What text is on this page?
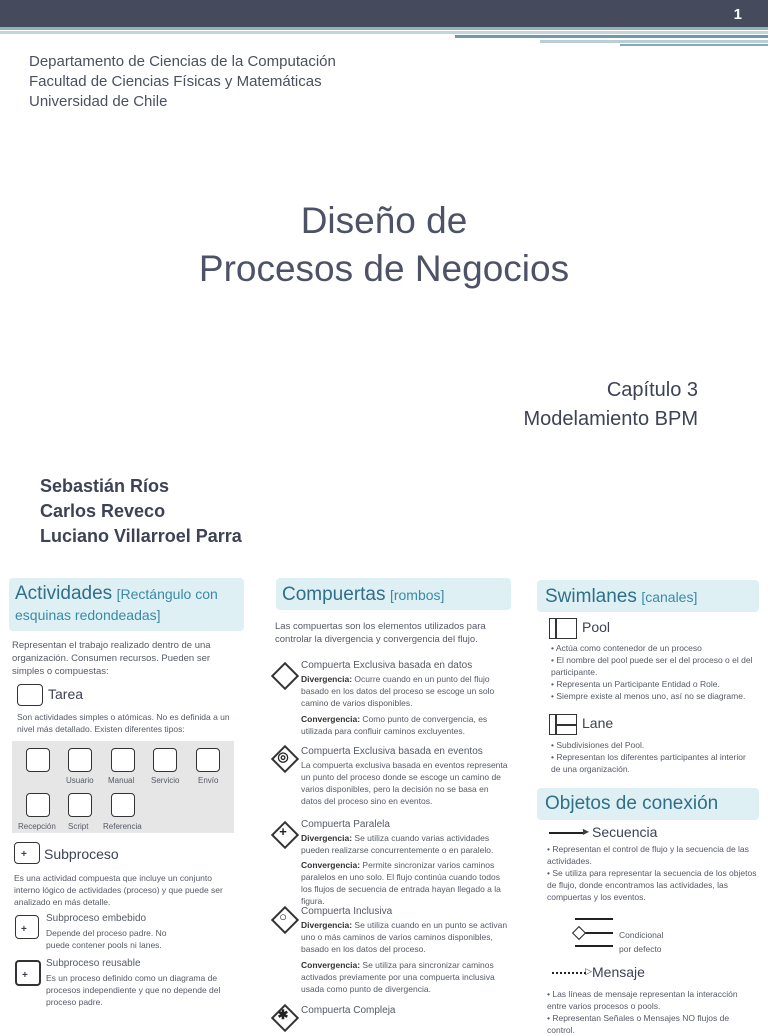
1
Departamento de Ciencias de la Computación
Facultad de Ciencias Físicas y Matemáticas
Universidad de Chile
Diseño de
Procesos de Negocios
Capítulo 3
Modelamiento BPM
Sebastián Ríos
Carlos Reveco
Luciano Villarroel Parra
Actividades [Rectángulo con esquinas redondeadas]
Representan el trabajo realizado dentro de una organización. Consumen recursos. Pueden ser simples o compuestas:
Tarea
Son actividades simples o atómicas. No es definida a un nivel más detallado. Existen diferentes tipos:
Usuario Manual Servicio Envío
Recepción Script Referencia
+ Subproceso
Es una actividad compuesta que incluye un conjunto interno lógico de actividades (proceso) y que puede ser analizado en más detalle.
+
Subproceso embebido
Depende del proceso padre. No puede contener pools ni lanes.
+
Subproceso reusable
Es un proceso definido como un diagrama de procesos independiente y que no depende del proceso padre.
Compuertas [rombos]
Las compuertas son los elementos utilizados para controlar la divergencia y convergencia del flujo.
Compuerta Exclusiva basada en datos
Divergencia: Ocurre cuando en un punto del flujo basado en los datos del proceso se escoge un solo camino de varios disponibles.
Convergencia: Como punto de convergencia, es utilizada para confluir caminos excluyentes.
◎	Compuerta Exclusiva basada en eventos
La compuerta exclusiva basada en eventos representa un punto del proceso donde se escoge un camino de varios disponibles, pero la decisión no se basa en datos del proceso sino en eventos.
+	Compuerta Paralela
Divergencia: Se utiliza cuando varias actividades pueden realizarse concurrentemente o en paralelo.
Convergencia: Permite sincronizar varios caminos paralelos en uno solo. El flujo continúa cuando todos los flujos de secuencia de entrada hayan llegado a la figura.
○	Compuerta Inclusiva
Divergencia: Se utiliza cuando en un punto se activan uno o más caminos de varios caminos disponibles, basado en los datos del proceso.
Convergencia: Se utiliza para sincronizar caminos activados previamente por una compuerta inclusiva usada como punto de divergencia.
✱	Compuerta Compleja
Swimlanes [canales]
Pool
• Actúa como contenedor de un proceso
• El nombre del pool puede ser el del proceso o el del participante.
• Representa un Participante Entidad o Role.
• Siempre existe al menos uno, así no se diagrame.
Lane
• Subdivisiones del Pool.
• Representan los diferentes participantes al interior de una organización.
Objetos de conexión
▶ Secuencia
• Representan el control de flujo y la secuencia de las actividades.
• Se utiliza para representar la secuencia de los objetos de flujo, donde encontramos las actividades, las compuertas y los eventos.
Condicional
por defecto
▷ Mensaje
• Las líneas de mensaje representan la interacción entre varios procesos o pools.
• Representan Señales o Mensajes NO flujos de control.
